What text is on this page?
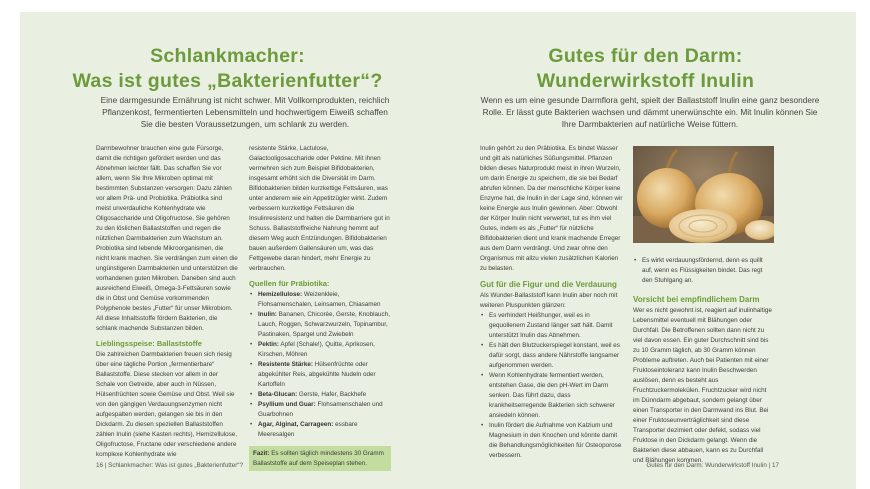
Schlankmacher:
Was ist gutes „Bakterienfutter“?
Eine darmgesunde Ernährung ist nicht schwer. Mit Vollkornprodukten, reichlich Pflanzenkost, fermentierten Lebensmitteln und hochwertigem Eiweiß schaffen Sie die besten Voraussetzungen, um schlank zu werden.

Darmbewohner brauchen eine gute Fürsorge, damit die richtigen gefördert werden und das Abnehmen leichter fällt. Das schaffen Sie vor allem, wenn Sie Ihre Mikroben optimal mit bestimmten Substanzen versorgen: Dazu zählen vor allem Prä- und Probiotika. Präbiotika sind meist unverdauliche Kohlenhydrate wie Oligosaccharide und Oligofructose. Sie gehören zu den löslichen Ballaststoffen und regen die nützlichen Darmbakterien zum Wachstum an. Probiotika sind lebende Mikroorganismen, die nicht krank machen. Sie verdrängen zum einen die ungünstigeren Darmbakterien und unterstützen die vorhandenen guten Mikroben. Daneben sind auch ausreichend Eiweiß, Omega-3-Fettsäuren sowie die in Obst und Gemüse vorkommenden Polyphenole bestes „Futter“ für unser Mikrobiom. All diese Inhaltsstoffe fördern Bakterien, die schlank machende Substanzen bilden.

Lieblingsspeise: Ballaststoffe

Die zahlreichen Darmbakterien freuen sich riesig über eine tägliche Portion „fermentierbare“ Ballaststoffe. Diese stecken vor allem in der Schale von Getreide, aber auch in Nüssen, Hülsenfrüchten sowie Gemüse und Obst. Weil sie von den gängigen Verdauungsenzymen nicht aufgespalten werden, gelangen sie bis in den Dickdarm. Zu diesen speziellen Ballaststoffen zählen Inulin (siehe Kasten rechts), Hemizellulose, Oligofructose, Fructane oder verschiedene andere komplexe Kohlenhydrate wie

resistente Stärke, Lactulose, Galactooligosaccharide oder Pektine. Mit ihnen vermehren sich zum Beispiel Bifidobakterien, insgesamt erhöht sich die Diversität im Darm. Bifidobakterien bilden kurzkettige Fettsäuren, was unter anderem wie ein Appetitzügler wirkt. Zudem verbessern kurzkettige Fettsäuren die Insulinresistenz und halten die Darmbarriere gut in Schuss. Ballaststoffreiche Nahrung hemmt auf diesem Weg auch Entzündungen. Bifidobakterien bauen außerdem Gallensäuren um, was das Fettgewebe daran hindert, mehr Energie zu verbrauchen.

Quellen für Präbiotika:
• Hemizellulose: Weizenkleie, Flohsamenschalen, Leinsamen, Chiasamen
• Inulin: Bananen, Chicorée, Gerste, Knoblauch, Lauch, Roggen, Schwarzwurzeln, Topinambur, Pastinaken, Spargel und Zwiebeln
• Pektin: Apfel (Schale!), Quitte, Aprikosen, Kirschen, Möhren
• Resistente Stärke: Hülsenfrüchte oder abgekühlter Reis, abgekühlte Nudeln oder Kartoffeln
• Beta-Glucan: Gerste, Hafer, Backhefe
• Psyllium und Guar: Flohsamenschalen und Guarbohnen
• Agar, Alginat, Carrageen: essbare Meeresalgen
Fazit: Es sollten täglich mindestens 30 Gramm Ballaststoffe auf dem Speiseplan stehen.
16 | Schlankmacher: Was ist gutes „Bakterienfutter“?
Gutes für den Darm:
Wunderwirkstoff Inulin
Wenn es um eine gesunde Darmflora geht, spielt der Ballaststoff Inulin eine ganz besondere Rolle. Er lässt gute Bakterien wachsen und dämmt unerwünschte ein. Mit Inulin können Sie Ihre Darmbakterien auf natürliche Weise füttern.

Inulin gehört zu den Präbiotika. Es bindet Wasser und gilt als natürliches Süßungsmittel. Pflanzen bilden dieses Naturprodukt meist in ihren Wurzeln, um darin Energie zu speichern, die sie bei Bedarf abrufen können. Da der menschliche Körper keine Enzyme hat, die Inulin in der Lage sind, können wir keine Energie aus Inulin gewinnen. Aber: Obwohl der Körper Inulin nicht verwertet, tut es ihm viel Gutes, indem es als „Futter“ für nützliche Bifidobakterien dient und krank machende Erreger aus dem Darm verdrängt. Und zwar ohne den Organismus mit allzu vielen zusätzlichen Kalorien zu belasten.

Gut für die Figur und die Verdauung

Als Wunder-Ballaststoff kann Inulin aber noch mit weiteren Pluspunkten glänzen:

• Es verhindert Heißhunger, weil es in gequollenem Zustand länger satt hält. Damit unterstützt Inulin das Abnehmen.
• Es hält den Blutzuckerspiegel konstant, weil es dafür sorgt, dass andere Nährstoffe langsamer aufgenommen werden.
• Wenn Kohlenhydrate fermentiert werden, entstehen Gase, die den pH-Wert im Darm senken. Das führt dazu, dass krankheitserregende Bakterien sich schwerer ansiedeln können.
• Inulin fördert die Aufnahme von Kalzium und Magnesium in den Knochen und könnte damit die Behandlungsmöglichkeiten für Osteoporose verbessern.
• Es wirkt verdauungsfördernd, denn es quillt auf, wenn es Flüssigkeiten bindet. Das regt den Stuhlgang an.
Vorsicht bei empfindlichem Darm

Wer es nicht gewohnt ist, reagiert auf inulinhaltige Lebensmittel eventuell mit Blähungen oder Durchfall. Die Betroffenen sollten dann nicht zu viel davon essen. Ein guter Durchschnitt sind bis zu 10 Gramm täglich, ab 30 Gramm können Probleme auftreten. Auch bei Patienten mit einer Fruktoseintoleranz kann Inulin Beschwerden auslösen, denn es besteht aus Fruchtzuckermolekülen. Fruchtzucker wird nicht im Dünndarm abgebaut, sondern gelangt über einen Transporter in den Darmwand ins Blut. Bei einer Fruktoseunverträglichkeit sind diese Transporter dezimiert oder defekt, sodass viel Fruktose in den Dickdarm gelangt. Wenn die Bakterien diese abbauen, kann es zu Durchfall und Blähungen kommen.

Gutes für den Darm: Wunderwirkstoff Inulin | 17
